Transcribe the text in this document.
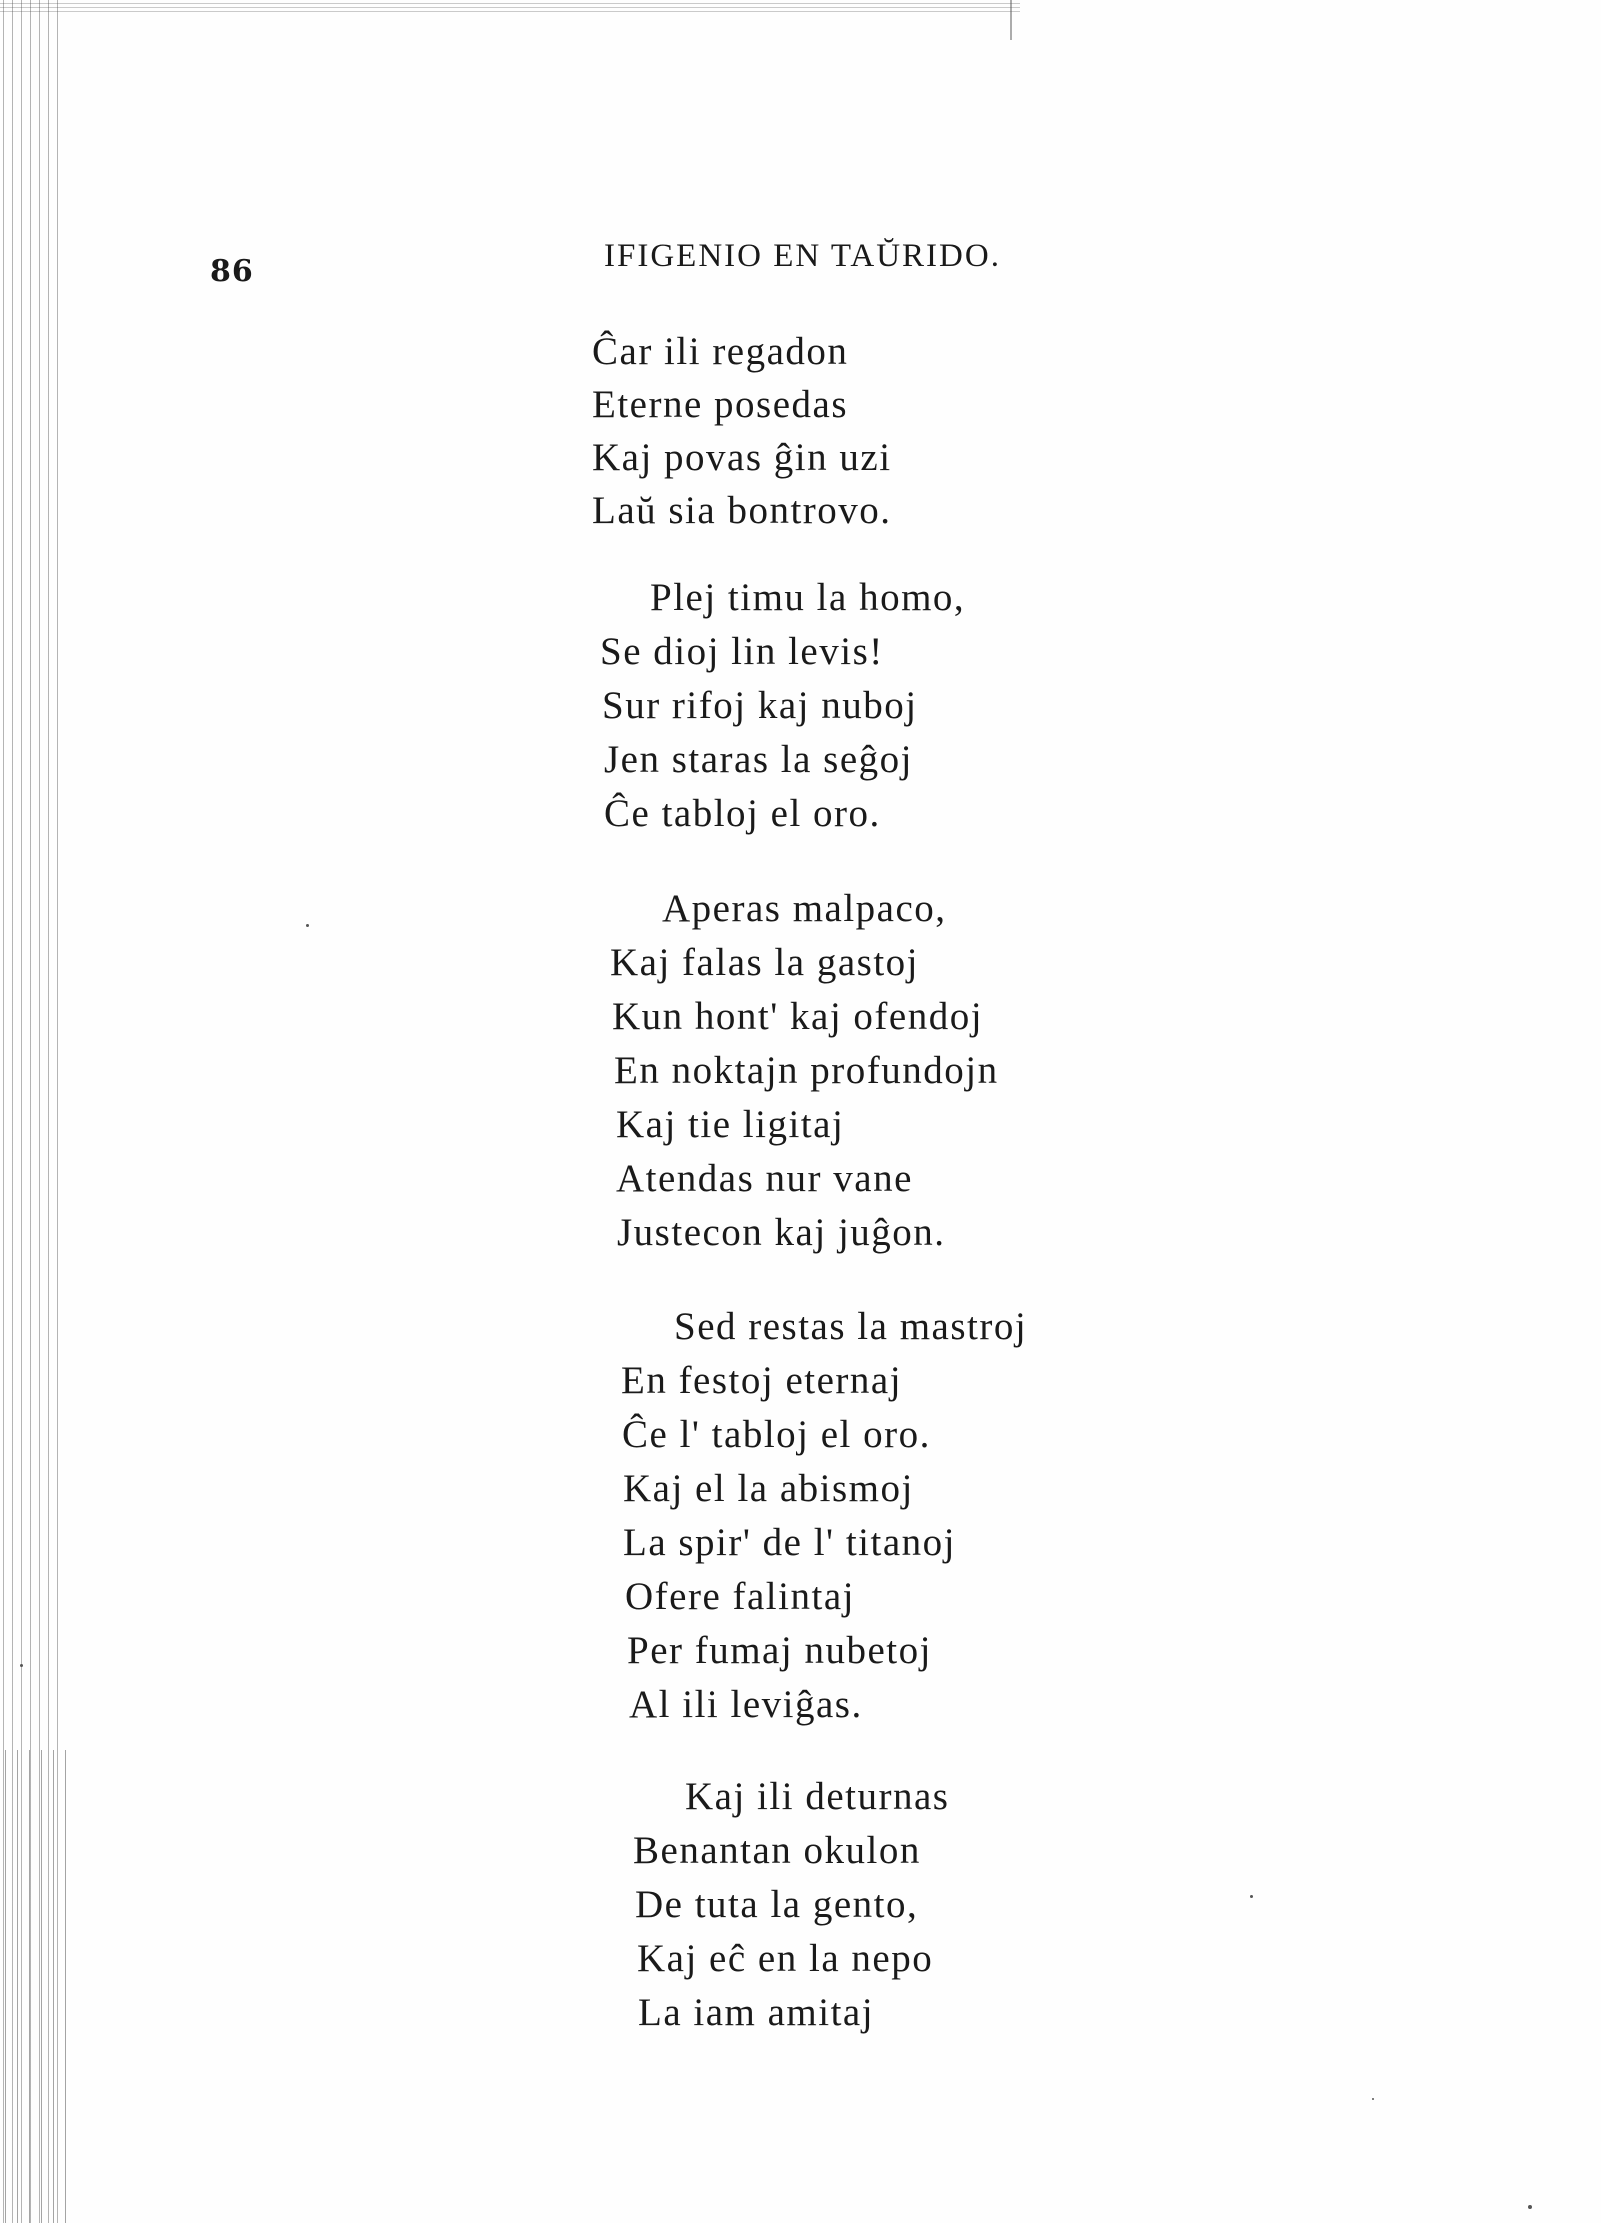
86	IFIGENIO EN TAŬRIDO.
Ĉar ili regadon
Eterne posedas
Kaj povas ĝin uzi
Laŭ sia bontrovo.
Plej timu la homo,
Se dioj lin levis!
Sur rifoj kaj nuboj
Jen staras la seĝoj
Ĉe tabloj el oro.
Aperas malpaco,
Kaj falas la gastoj
Kun hont' kaj ofendoj
En noktajn profundojn
Kaj tie ligitaj
Atendas nur vane
Justecon kaj juĝon.
Sed restas la mastroj
En festoj eternaj
Ĉe l' tabloj el oro.
Kaj el la abismoj
La spir' de l' titanoj
Ofere falintaj
Per fumaj nubetoj
Al ili leviĝas.
Kaj ili deturnas
Benantan okulon
De tuta la gento,
Kaj eĉ en la nepo
La iam amitaj
